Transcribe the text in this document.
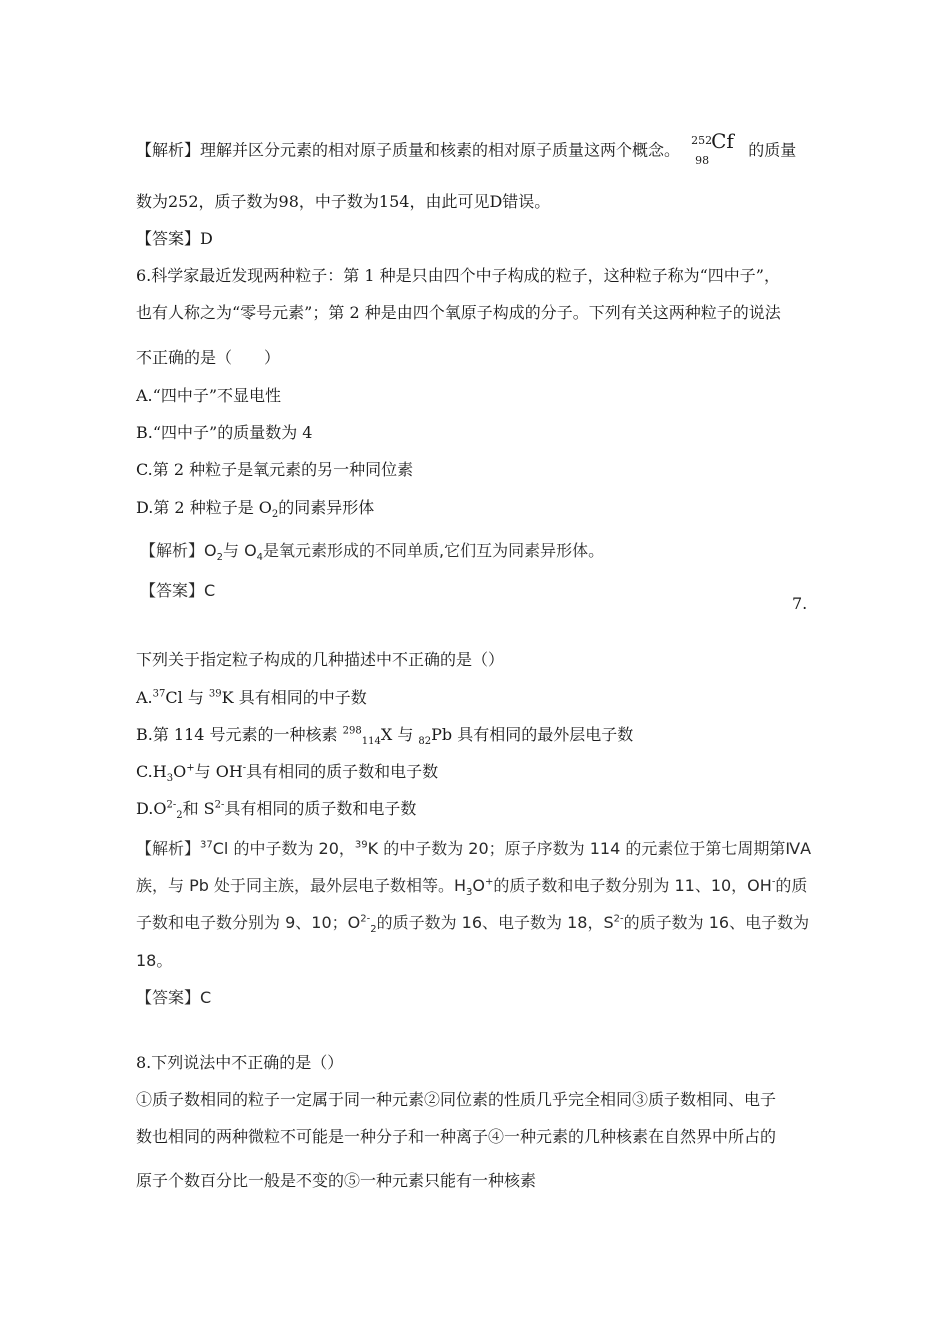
【解析】理解并区分元素的相对原子质量和核素的相对原子质量这两个概念。 252
98
Cf 的质量
数为252，质子数为98，中子数为154，由此可见D错误。
【答案】D
6.科学家最近发现两种粒子：第 1 种是只由四个中子构成的粒子，这种粒子称为“四中子”，
也有人称之为“零号元素”；第 2 种是由四个氧原子构成的分子。下列有关这两种粒子的说法
不正确的是（　　）
A.“四中子”不显电性
B.“四中子”的质量数为 4
C.第 2 种粒子是氧元素的另一种同位素
D.第 2 种粒子是 $O_2$的同素异形体
【解析】$O_2$与 $O_4$是氧元素形成的不同单质,它们互为同素异形体。
【答案】C
7.
下列关于指定粒子构成的几种描述中不正确的是（）
A.$^{37}$Cl 与 $^{39}$K 具有相同的中子数
B.第 114 号元素的一种核素 $^{298}_{114}$X 与 $_{82}$Pb 具有相同的最外层电子数
$C.H_3O^+$与 OH-具有相同的质子数和电子数
$D.O^{2-}_2$和 $S^{2-}$具有相同的质子数和电子数
【解析】$^{37}$Cl 的中子数为 20，$^{39}$K 的中子数为 20；原子序数为 114 的元素位于第七周期第ⅣA
族，与 Pb 处于同主族，最外层电子数相等。$H_3O^+$的质子数和电子数分别为 11、10，OH-的质
子数和电子数分别为 9、10；$O^{2-}_2$的质子数为 16、电子数为 18，$S^{2-}$的质子数为 16、电子数为
18。
【答案】C
8.下列说法中不正确的是（）
①质子数相同的粒子一定属于同一种元素②同位素的性质几乎完全相同③质子数相同、电子
数也相同的两种微粒不可能是一种分子和一种离子④一种元素的几种核素在自然界中所占的
原子个数百分比一般是不变的⑤一种元素只能有一种核素
